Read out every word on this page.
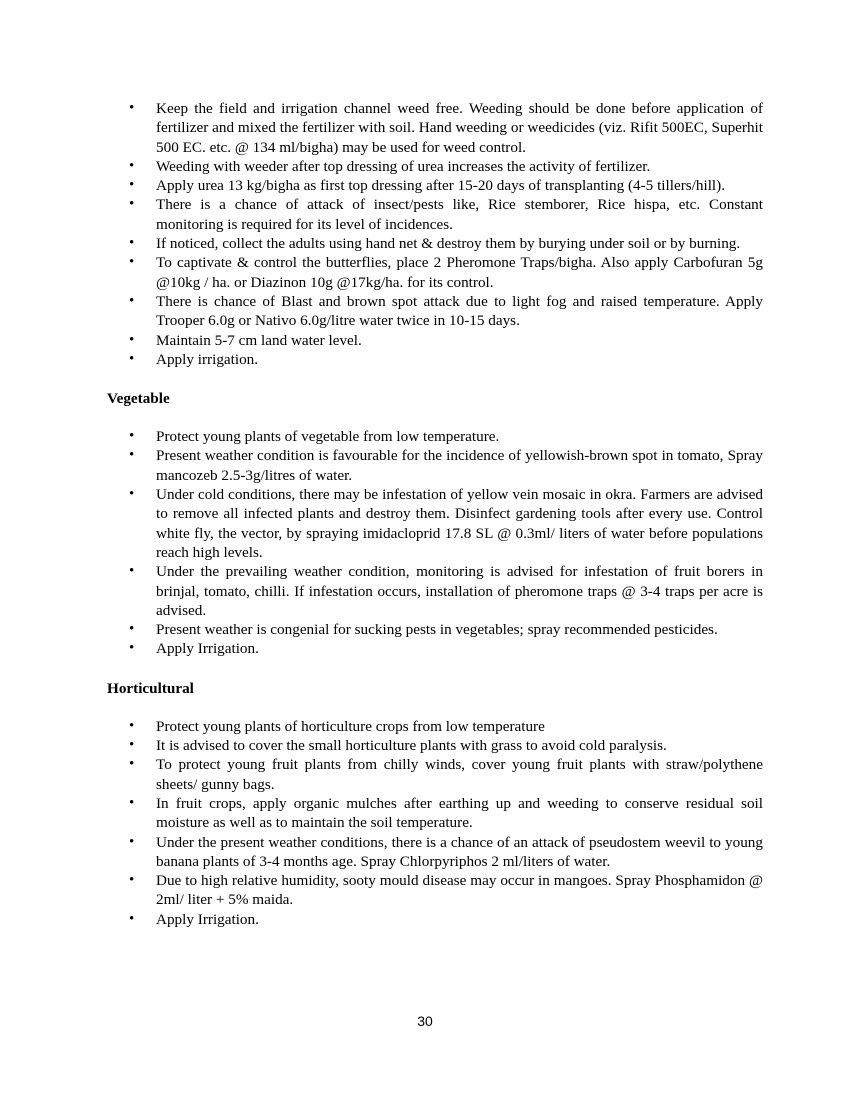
• Keep the field and irrigation channel weed free. Weeding should be done before application of fertilizer and mixed the fertilizer with soil. Hand weeding or weedicides (viz. Rifit 500EC, Superhit 500 EC. etc. @ 134 ml/bigha) may be used for weed control.
• Weeding with weeder after top dressing of urea increases the activity of fertilizer.
• Apply urea 13 kg/bigha as first top dressing after 15-20 days of transplanting (4-5 tillers/hill).
• There is a chance of attack of insect/pests like, Rice stemborer, Rice hispa, etc. Constant monitoring is required for its level of incidences.
• If noticed, collect the adults using hand net & destroy them by burying under soil or by burning.
• To captivate & control the butterflies, place 2 Pheromone Traps/bigha. Also apply Carbofuran 5g @10kg / ha. or Diazinon 10g @17kg/ha. for its control.
• There is chance of Blast and brown spot attack due to light fog and raised temperature. Apply Trooper 6.0g or Nativo 6.0g/litre water twice in 10-15 days.
• Maintain 5-7 cm land water level.
• Apply irrigation.
Vegetable
• Protect young plants of vegetable from low temperature.
• Present weather condition is favourable for the incidence of yellowish-brown spot in tomato, Spray mancozeb 2.5-3g/litres of water.
• Under cold conditions, there may be infestation of yellow vein mosaic in okra. Farmers are advised to remove all infected plants and destroy them. Disinfect gardening tools after every use. Control white fly, the vector, by spraying imidacloprid 17.8 SL @ 0.3ml/ liters of water before populations reach high levels.
• Under the prevailing weather condition, monitoring is advised for infestation of fruit borers in brinjal, tomato, chilli. If infestation occurs, installation of pheromone traps @ 3-4 traps per acre is advised.
• Present weather is congenial for sucking pests in vegetables; spray recommended pesticides.
• Apply Irrigation.
Horticultural
• Protect young plants of horticulture crops from low temperature
• It is advised to cover the small horticulture plants with grass to avoid cold paralysis.
• To protect young fruit plants from chilly winds, cover young fruit plants with straw/polythene sheets/ gunny bags.
• In fruit crops, apply organic mulches after earthing up and weeding to conserve residual soil moisture as well as to maintain the soil temperature.
• Under the present weather conditions, there is a chance of an attack of pseudostem weevil to young banana plants of 3-4 months age. Spray Chlorpyriphos 2 ml/liters of water.
• Due to high relative humidity, sooty mould disease may occur in mangoes. Spray Phosphamidon @ 2ml/ liter + 5% maida.
• Apply Irrigation.
30
